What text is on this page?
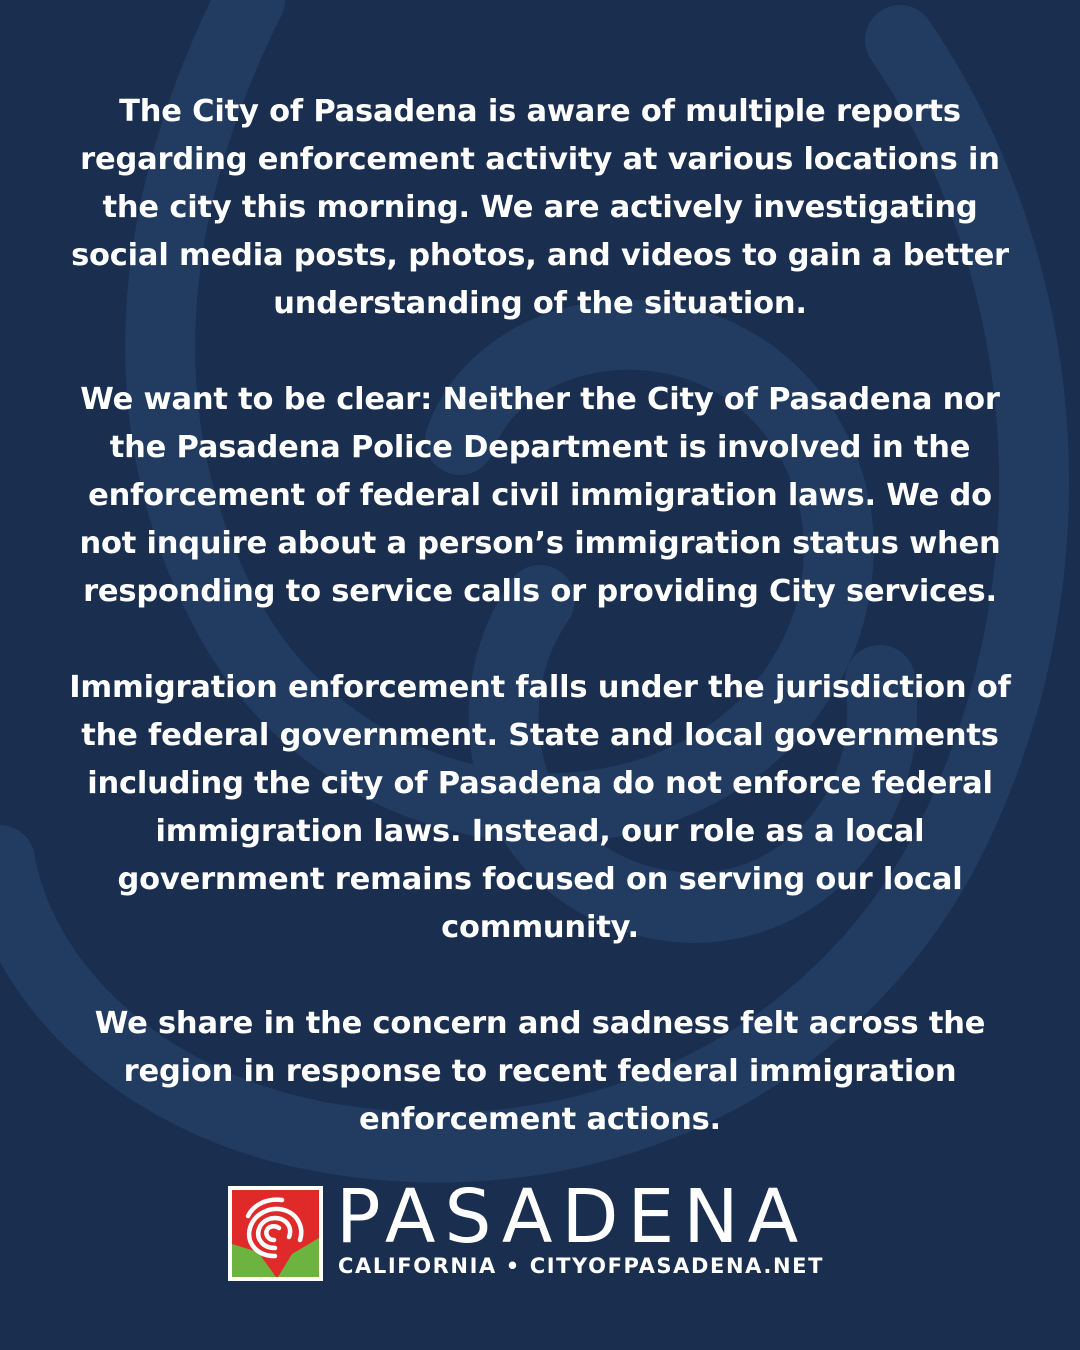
The City of Pasadena is aware of multiple reports regarding enforcement activity at various locations in the city this morning. We are actively investigating social media posts, photos, and videos to gain a better understanding of the situation.

We want to be clear: Neither the City of Pasadena nor the Pasadena Police Department is involved in the enforcement of federal civil immigration laws. We do not inquire about a person’s immigration status when responding to service calls or providing City services.

Immigration enforcement falls under the jurisdiction of the federal government. State and local governments including the city of Pasadena do not enforce federal immigration laws. Instead, our role as a local government remains focused on serving our local community.

We share in the concern and sadness felt across the region in response to recent federal immigration enforcement actions.

PASADENA
CALIFORNIA • CITYOFPASADENA.NET
